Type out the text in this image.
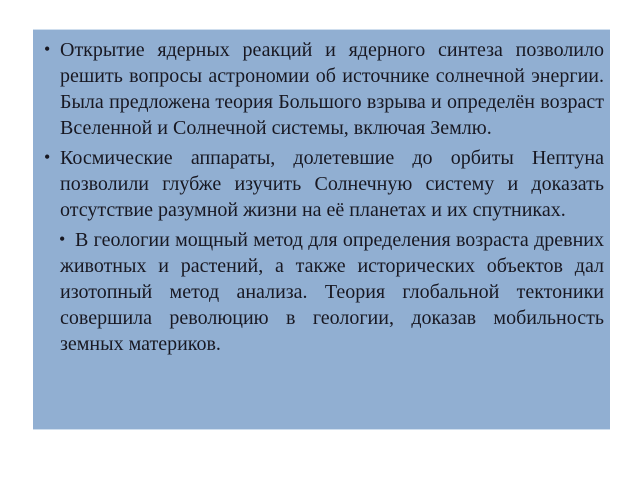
• Открытие ядерных реакций и ядерного синтеза позволило решить вопросы астрономии об источнике солнечной энергии. Была предложена теория Большого взрыва и определён возраст Вселенной и Солнечной системы, включая Землю.
• Космические аппараты, долетевшие до орбиты Нептуна позволили глубже изучить Солнечную систему и доказать отсутствие разумной жизни на её планетах и их спутниках.
• В геологии мощный метод для определения возраста древних животных и растений, а также исторических объектов дал изотопный метод анализа. Теория глобальной тектоники совершила революцию в геологии, доказав мобильность земных материков.
